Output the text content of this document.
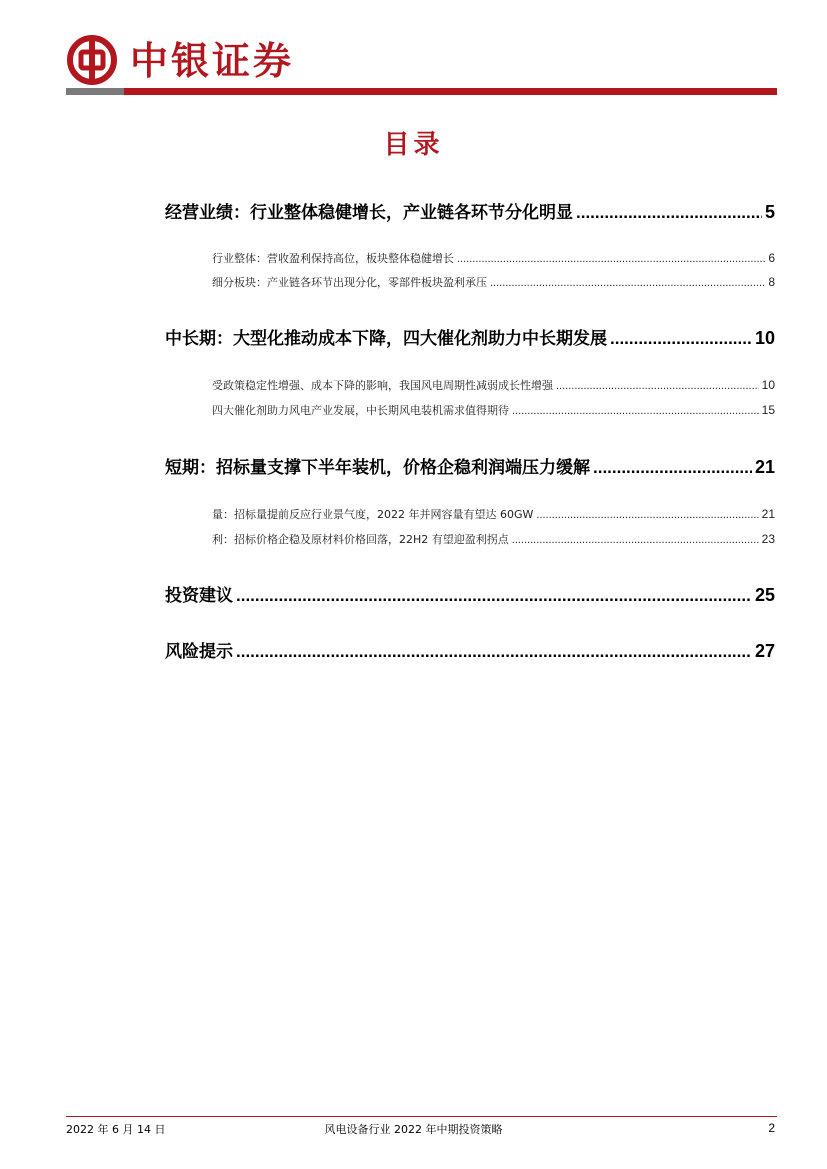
中银证券
目录
经营业绩：行业整体稳健增长，产业链各环节分化明显 .....	5
行业整体：营收盈利保持高位，板块整体稳健增长 .....	6
细分板块：产业链各环节出现分化，零部件板块盈利承压 .....	8
中长期：大型化推动成本下降，四大催化剂助力中长期发展 .....	10
受政策稳定性增强、成本下降的影响，我国风电周期性减弱成长性增强 .....	10
四大催化剂助力风电产业发展，中长期风电装机需求值得期待 .....	15
短期：招标量支撑下半年装机，价格企稳利润端压力缓解 .....	21
量：招标量提前反应行业景气度，2022 年并网容量有望达 60GW .....	21
利：招标价格企稳及原材料价格回落，22H2 有望迎盈利拐点 .....	23
投资建议 .....	25
风险提示 .....	27
2022 年 6 月 14 日	风电设备行业 2022 年中期投资策略	2
